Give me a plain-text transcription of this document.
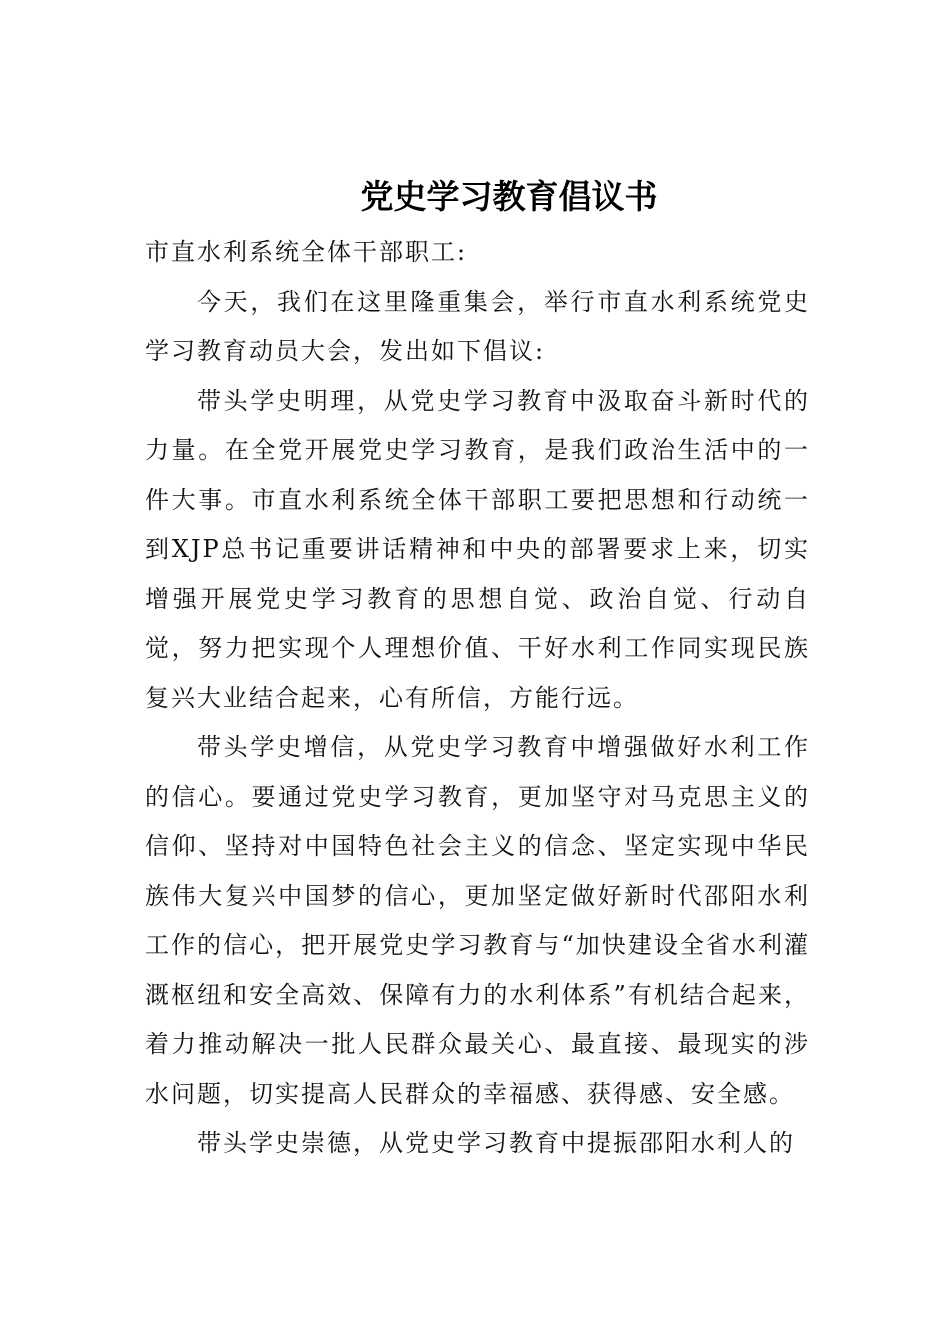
党史学习教育倡议书

市直水利系统全体干部职工:

今天，我们在这里隆重集会，举行市直水利系统党史学习教育动员大会，发出如下倡议:

带头学史明理，从党史学习教育中汲取奋斗新时代的力量。在全党开展党史学习教育，是我们政治生活中的一件大事。市直水利系统全体干部职工要把思想和行动统一到XJP总书记重要讲话精神和中央的部署要求上来，切实增强开展党史学习教育的思想自觉、政治自觉、行动自觉，努力把实现个人理想价值、干好水利工作同实现民族复兴大业结合起来，心有所信，方能行远。

带头学史增信，从党史学习教育中增强做好水利工作的信心。要通过党史学习教育，更加坚守对马克思主义的信仰、坚持对中国特色社会主义的信念、坚定实现中华民族伟大复兴中国梦的信心，更加坚定做好新时代邵阳水利工作的信心，把开展党史学习教育与“加快建设全省水利灌溉枢纽和安全高效、保障有力的水利体系”有机结合起来，着力推动解决一批人民群众最关心、最直接、最现实的涉水问题，切实提高人民群众的幸福感、获得感、安全感。

带头学史崇德，从党史学习教育中提振邵阳水利人的
